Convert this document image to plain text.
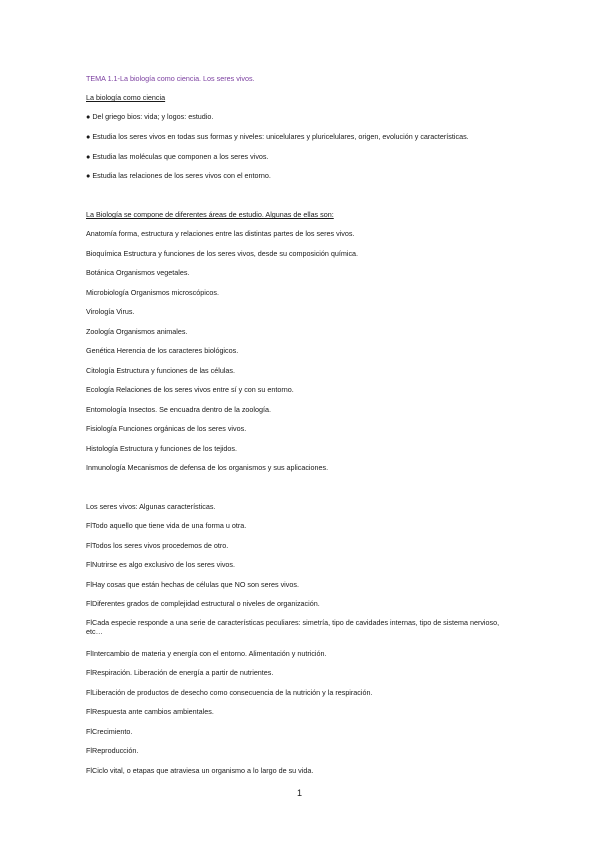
TEMA 1.1-La biología como ciencia. Los seres vivos.
La biología como ciencia
● Del griego bios: vida; y logos: estudio.
● Estudia los seres vivos en todas sus formas y niveles: unicelulares y pluricelulares, origen, evolución y características.
● Estudia las moléculas que componen a los seres vivos.
● Estudia las relaciones de los seres vivos con el entorno.
La Biología se compone de diferentes áreas de estudio. Algunas de ellas son:
Anatomía forma, estructura y relaciones entre las distintas partes de los seres vivos.
Bioquímica Estructura y funciones de los seres vivos, desde su composición química.
Botánica Organismos vegetales.
Microbiología Organismos microscópicos.
Virología Virus.
Zoología Organismos animales.
Genética Herencia de los caracteres biológicos.
Citología Estructura y funciones de las células.
Ecología Relaciones de los seres vivos entre sí y con su entorno.
Entomología Insectos. Se encuadra dentro de la zoología.
Fisiología Funciones orgánicas de los seres vivos.
Histología Estructura y funciones de los tejidos.
Inmunología Mecanismos de defensa de los organismos y sus aplicaciones.
Los seres vivos: Algunas características.
FlTodo aquello que tiene vida de una forma u otra.
FlTodos los seres vivos procedemos de otro.
FlNutrirse es algo exclusivo de los seres vivos.
FlHay cosas que están hechas de células que NO son seres vivos.
FlDiferentes grados de complejidad estructural o niveles de organización.
FlCada especie responde a una serie de características peculiares: simetría, tipo de cavidades internas, tipo de sistema nervioso, etc…
FlIntercambio de materia y energía con el entorno. Alimentación y nutrición.
FlRespiración. Liberación de energía a partir de nutrientes.
FlLiberación de productos de desecho como consecuencia de la nutrición y la respiración.
FlRespuesta ante cambios ambientales.
FlCrecimiento.
FlReproducción.
FlCiclo vital, o etapas que atraviesa un organismo a lo largo de su vida.
1
